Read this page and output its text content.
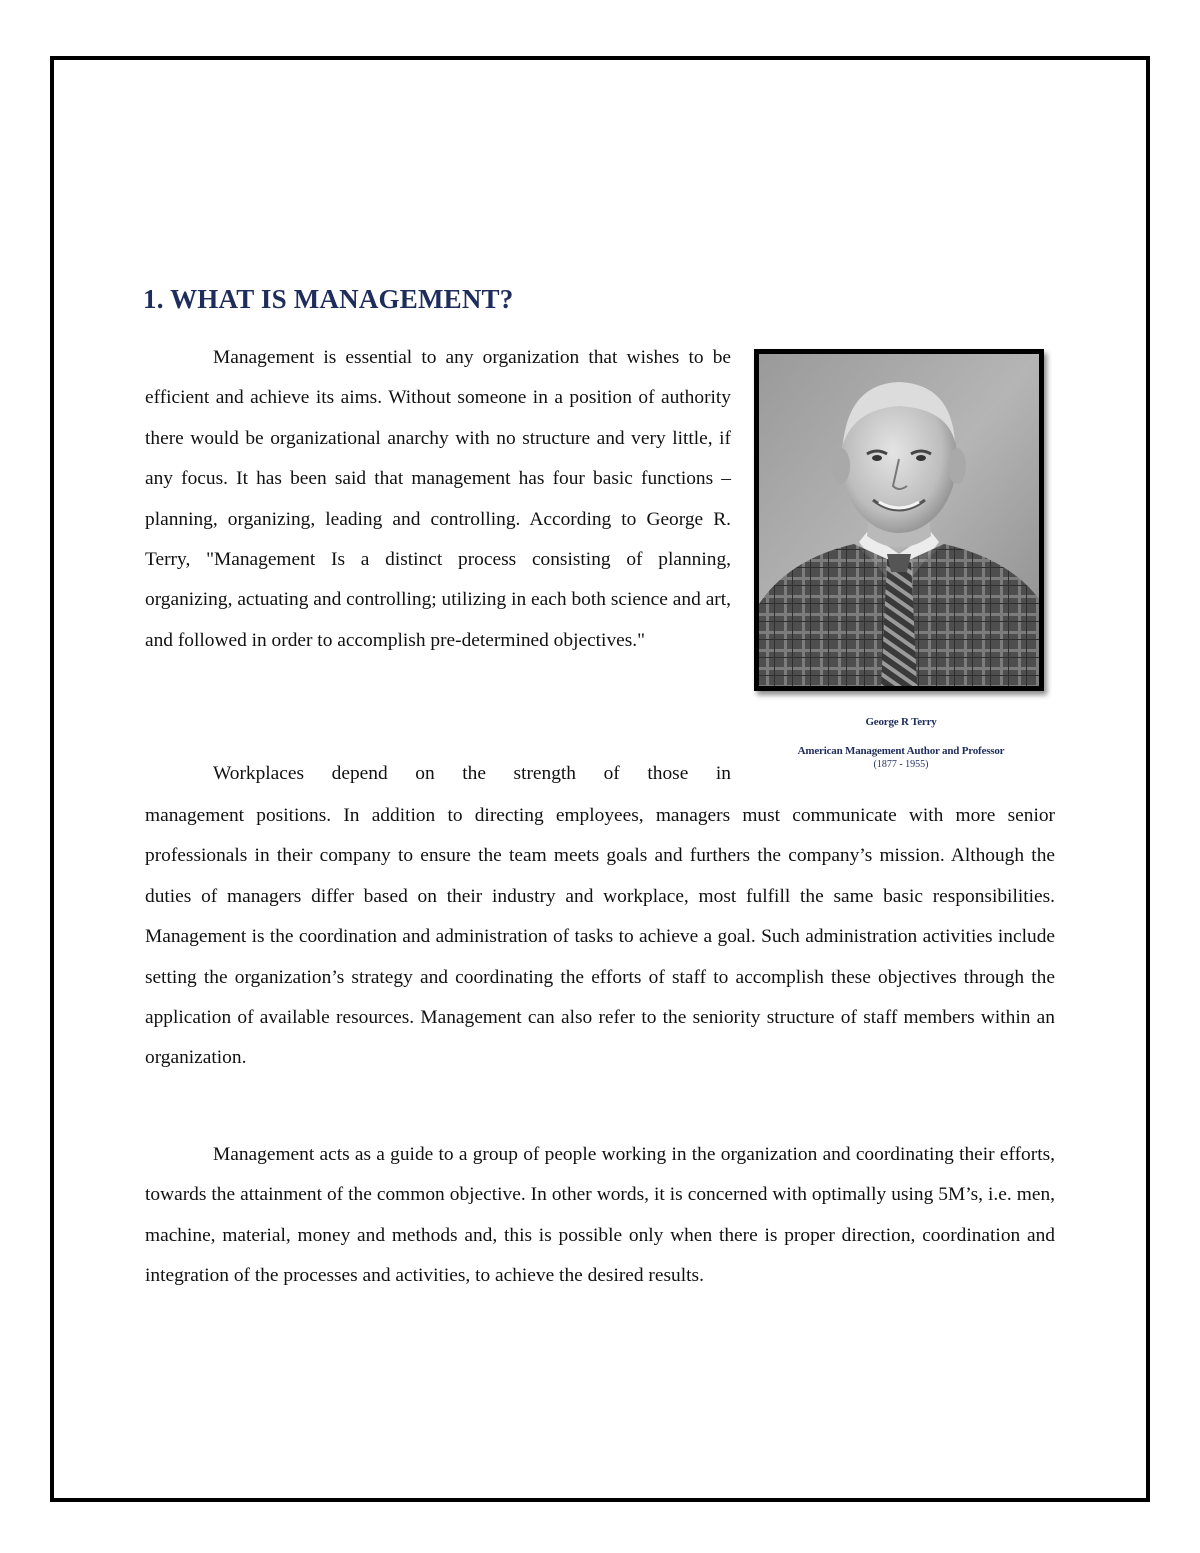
1. WHAT IS MANAGEMENT?

Management is essential to any organization that wishes to be efficient and achieve its aims. Without someone in a position of authority there would be organizational anarchy with no structure and very little, if any focus. It has been said that management has four basic functions – planning, organizing, leading and controlling. According to George R. Terry, "Management Is a distinct process consisting of planning, organizing, actuating and controlling; utilizing in each both science and art, and followed in order to accomplish pre-determined objectives."

George R Terry
American Management Author and Professor
(1877 - 1955)

Workplaces depend on the strength of those in

management positions. In addition to directing employees, managers must communicate with more senior professionals in their company to ensure the team meets goals and furthers the company’s mission. Although the duties of managers differ based on their industry and workplace, most fulfill the same basic responsibilities. Management is the coordination and administration of tasks to achieve a goal. Such administration activities include setting the organization’s strategy and coordinating the efforts of staff to accomplish these objectives through the application of available resources. Management can also refer to the seniority structure of staff members within an organization.

Management acts as a guide to a group of people working in the organization and coordinating their efforts, towards the attainment of the common objective. In other words, it is concerned with optimally using 5M’s, i.e. men, machine, material, money and methods and, this is possible only when there is proper direction, coordination and integration of the processes and activities, to achieve the desired results.
